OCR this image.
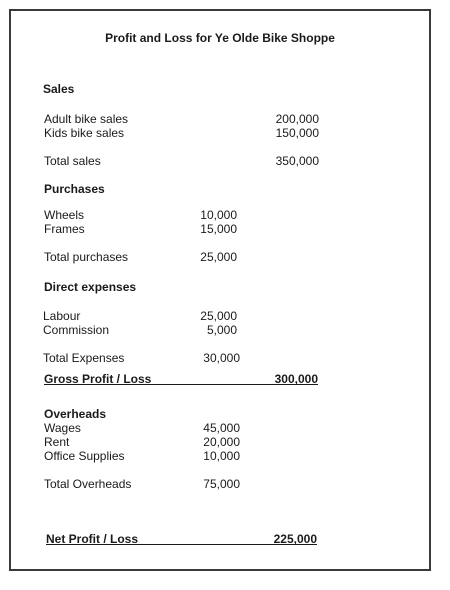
Profit and Loss for Ye Olde Bike Shoppe
Sales
Adult bike sales	200,000
Kids bike sales	150,000
Total sales	350,000
Purchases
Wheels	10,000
Frames	15,000
Total purchases	25,000
Direct expenses
Labour	25,000
Commission	5,000
Total Expenses	30,000
Gross Profit / Loss	300,000
Overheads
Wages	45,000
Rent	20,000
Office Supplies	10,000
Total Overheads	75,000
Net Profit / Loss	225,000
